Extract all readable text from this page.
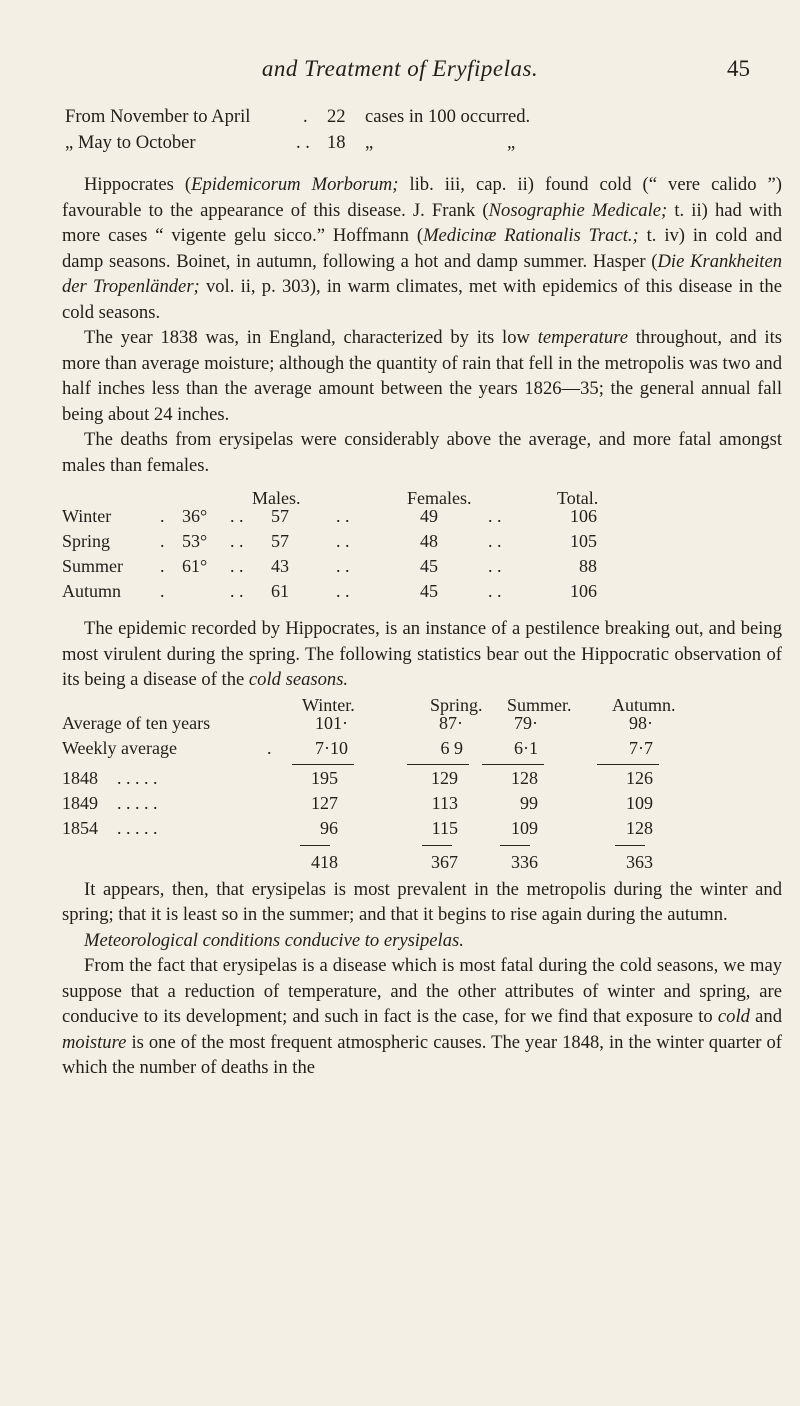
and Treatment of Eryfipelas.	45
From November to April	. 22 cases in 100 occurred.
„ May to October	. . 18 „	„

Hippocrates (Epidemicorum Morborum; lib. iii, cap. ii) found cold (“ vere calido ”) favourable to the appearance of this disease. J. Frank (Nosographie Medicale; t. ii) had with more cases “ vigente gelu sicco.” Hoffmann (Medicinæ Rationalis Tract.; t. iv) in cold and damp seasons. Boinet, in autumn, following a hot and damp summer. Hasper (Die Krankheiten der Tropenländer; vol. ii, p. 303), in warm climates, met with epidemics of this disease in the cold seasons.

The year 1838 was, in England, characterized by its low temperature throughout, and its more than average moisture; although the quantity of rain that fell in the metropolis was two and half inches less than the average amount between the years 1826—35; the general annual fall being about 24 inches.

The deaths from erysipelas were considerably above the average, and more fatal amongst males than females.

Males.	Females.	Total.
Winter	. 36° . .	57	. .	49	. .	106
Spring	. 53° . .	57	. .	48	. .	105
Summer . 61° . .	43	. .	45	. .	88
Autumn .	. .	61	. .	45	. .	106

The epidemic recorded by Hippocrates, is an instance of a pestilence breaking out, and being most virulent during the spring. The following statistics bear out the Hippocratic observation of its being a disease of the cold seasons.

Winter.	Spring. Summer. Autumn.
Average of ten years	101·	87·	79·	98·
Weekly average	.	7·10	6 9	6·1	7·7
1848 . . . . .	195	129	128	126
1849 . . . . .	127	113	99	109
1854 . . . . .	96	115	109	128
418	367	336	363

It appears, then, that erysipelas is most prevalent in the metropolis during the winter and spring; that it is least so in the summer; and that it begins to rise again during the autumn.

Meteorological conditions conducive to erysipelas.

From the fact that erysipelas is a disease which is most fatal during the cold seasons, we may suppose that a reduction of temperature, and the other attributes of winter and spring, are conducive to its development; and such in fact is the case, for we find that exposure to cold and moisture is one of the most frequent atmospheric causes. The year 1848, in the winter quarter of which the number of deaths in the
